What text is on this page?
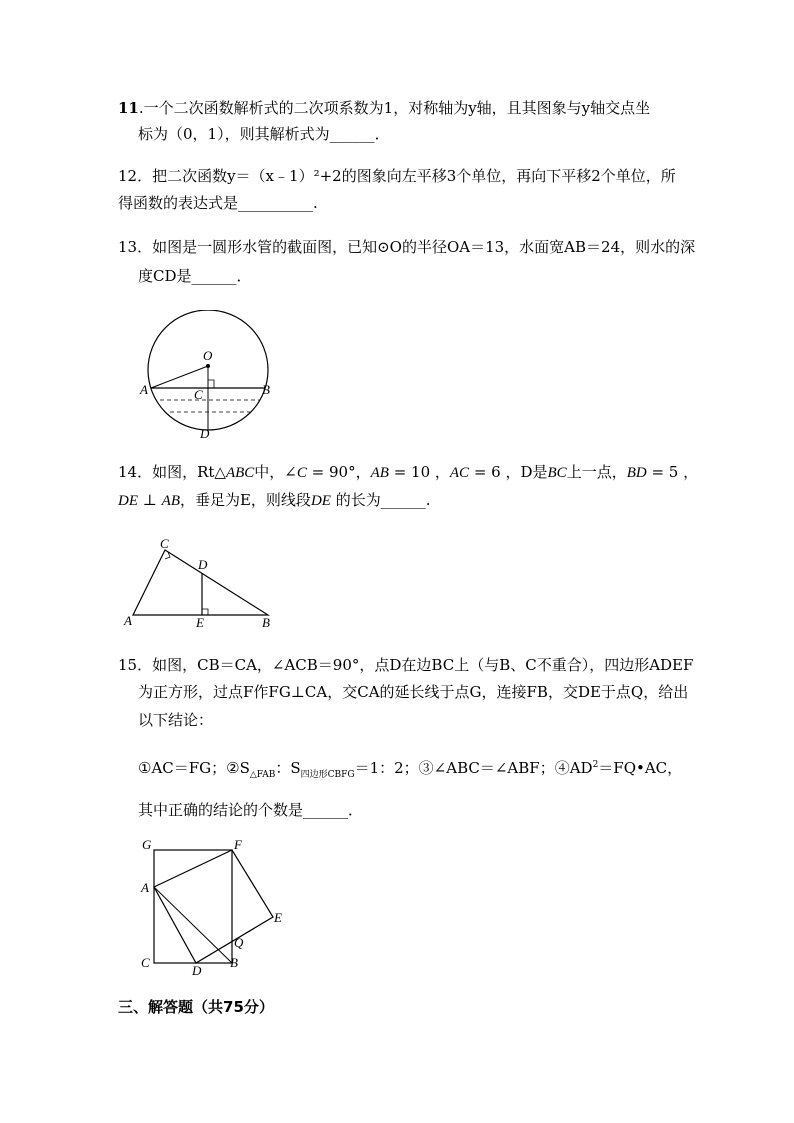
11.一个二次函数解析式的二次项系数为1，对称轴为y轴，且其图象与y轴交点坐
标为（0，1），则其解析式为______．
12．把二次函数y＝（x﹣1）²+2的图象向左平移3个单位，再向下平移2个单位，所
得函数的表达式是__________.
13．如图是一圆形水管的截面图，已知⊙O的半径OA＝13，水面宽AB＝24，则水的深
度CD是______．
O
A	B
C
D
14．如图，Rt△ABC中，∠C = 90°，AB = 10 ，AC = 6 ，D是BC上一点，BD = 5 ，
DE ⊥ AB，垂足为E，则线段DE 的长为______.
C
D
A	E	B
15．如图，CB＝CA，∠ACB＝90°，点D在边BC上（与B、C不重合），四边形ADEF
为正方形，过点F作FG⊥CA，交CA的延长线于点G，连接FB，交DE于点Q，给出
以下结论：
①AC＝FG；$②S_{\triangle FAB}$：$S_{四边形CBFG}=1$：2；③∠ABC＝∠ABF；$④AD^2=FQ•AC$，
其中正确的结论的个数是______．
G	F
A
E
Q
C
D
B
三、解答题（共75分）
